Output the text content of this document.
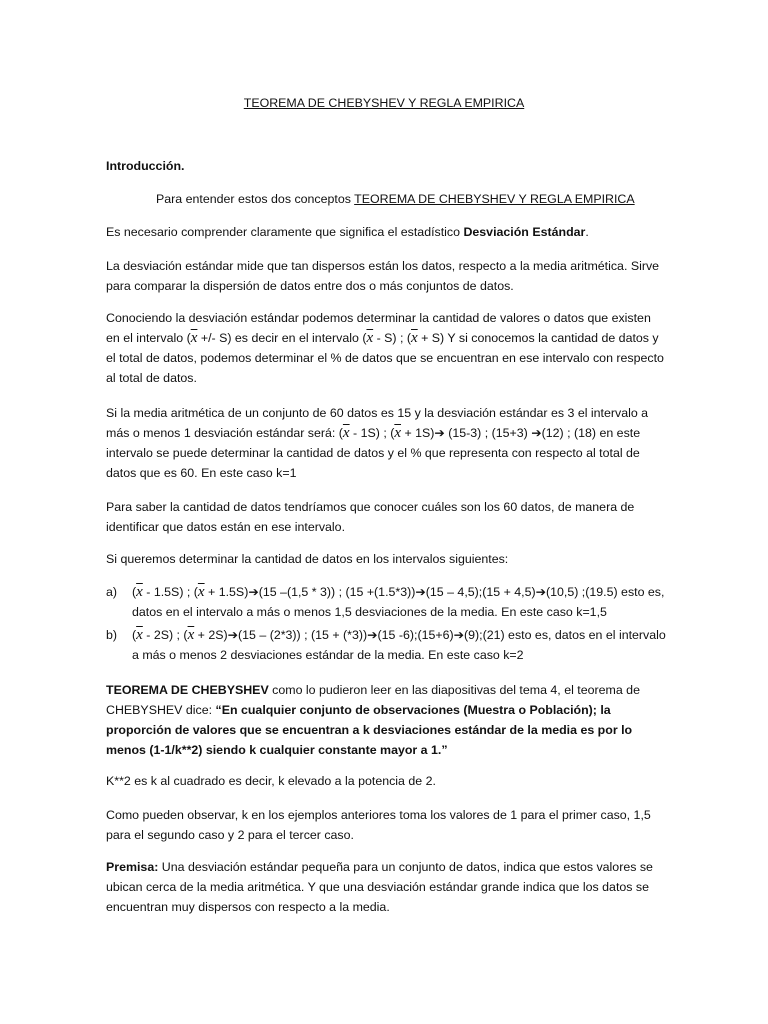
TEOREMA DE CHEBYSHEV Y REGLA EMPIRICA
Introducción.
Para entender estos dos conceptos TEOREMA DE CHEBYSHEV Y REGLA EMPIRICA
Es necesario comprender claramente que significa el estadístico Desviación Estándar.
La desviación estándar mide que tan dispersos están los datos, respecto a la media aritmética. Sirve para comparar la dispersión de datos entre dos o más conjuntos de datos.
Conociendo la desviación estándar podemos determinar la cantidad de valores o datos que existen en el intervalo ($\overline{x}$ +/- S) es decir en el intervalo $(\overline{x} - S)$ ; $(\overline{x} + S)$ Y si conocemos la cantidad de datos y el total de datos, podemos determinar el % de datos que se encuentran en ese intervalo con respecto al total de datos.
Si la media aritmética de un conjunto de 60 datos es 15 y la desviación estándar es 3 el intervalo a más o menos 1 desviación estándar será: $(\overline{x} - 1S)$ ; ($\overline{x}$ + 1S)➔ (15-3) ; (15+3) ➔(12) ; (18) en este intervalo se puede determinar la cantidad de datos y el % que representa con respecto al total de datos que es 60. En este caso k=1
Para saber la cantidad de datos tendríamos que conocer cuáles son los 60 datos, de manera de identificar que datos están en ese intervalo.
Si queremos determinar la cantidad de datos en los intervalos siguientes:
a) $(\overline{x} - 1.5S)$ ; ($\overline{x}$ + 1.5S)➔(15 –(1,5 * 3)) ; (15 +(1.5*3))➔(15 – 4,5);(15 + 4,5)➔(10,5) ;(19.5) esto es, datos en el intervalo a más o menos 1,5 desviaciones de la media. En este caso k=1,5
b) $(\overline{x} - 2S)$ ; ($\overline{x}$ + 2S)➔(15 – (2*3)) ; (15 + (*3))➔(15 -6);(15+6)➔(9);(21) esto es, datos en el intervalo a más o menos 2 desviaciones estándar de la media. En este caso k=2
TEOREMA DE CHEBYSHEV como lo pudieron leer en las diapositivas del tema 4, el teorema de CHEBYSHEV dice: “En cualquier conjunto de observaciones (Muestra o Población); la proporción de valores que se encuentran a k desviaciones estándar de la media es por lo menos (1-1/k**2) siendo k cualquier constante mayor a 1.”
K**2 es k al cuadrado es decir, k elevado a la potencia de 2.
Como pueden observar, k en los ejemplos anteriores toma los valores de 1 para el primer caso, 1,5 para el segundo caso y 2 para el tercer caso.
Premisa: Una desviación estándar pequeña para un conjunto de datos, indica que estos valores se ubican cerca de la media aritmética. Y que una desviación estándar grande indica que los datos se encuentran muy dispersos con respecto a la media.
